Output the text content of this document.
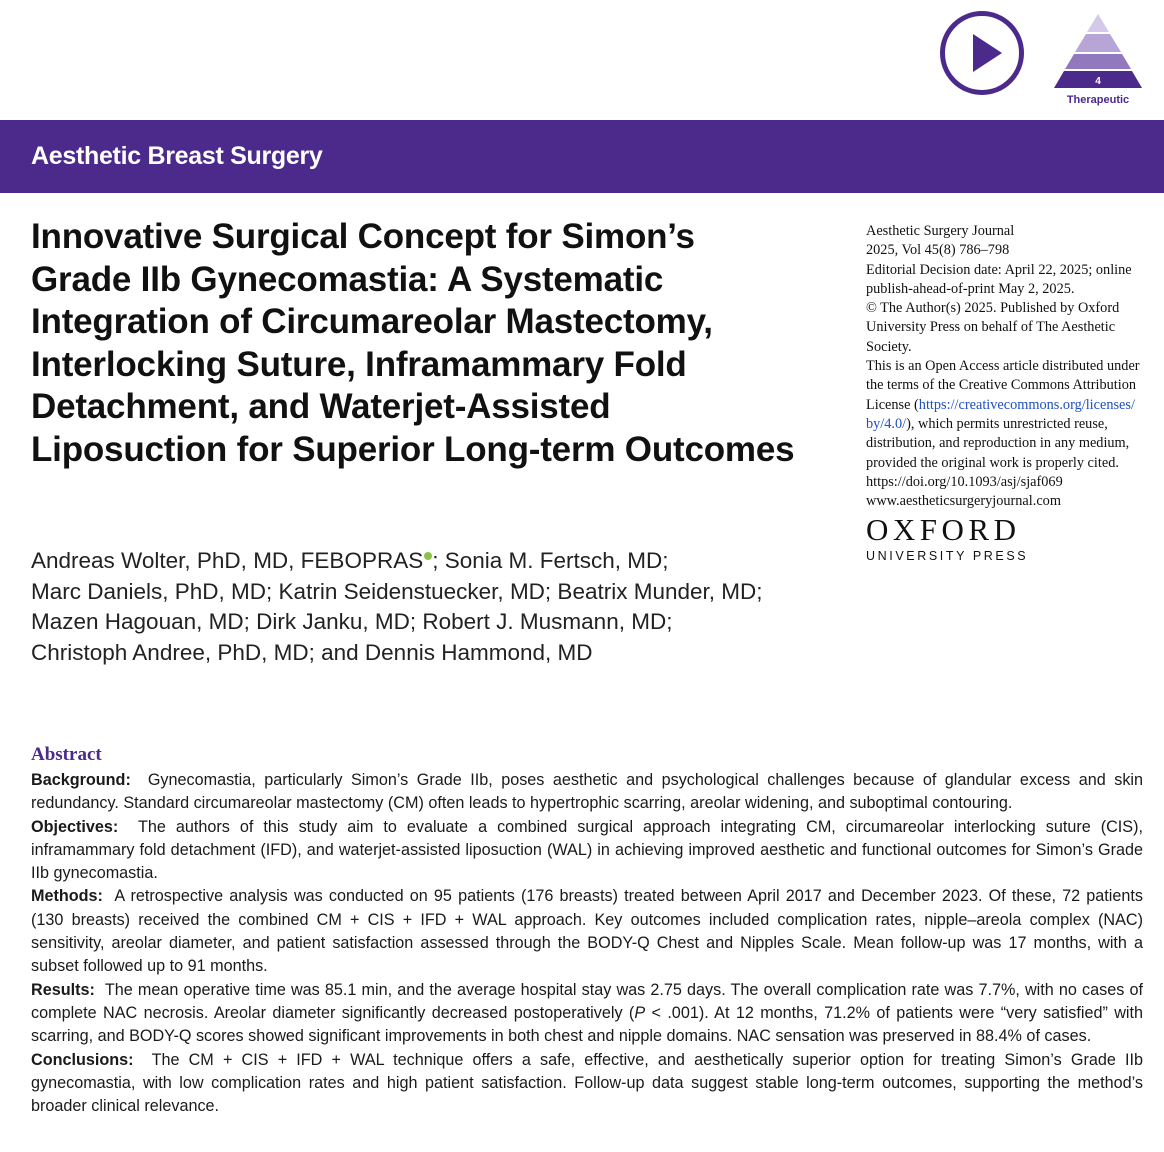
4
Therapeutic
Aesthetic Breast Surgery
Innovative Surgical Concept for Simon’s
Grade IIb Gynecomastia: A Systematic
Integration of Circumareolar Mastectomy,
Interlocking Suture, Inframammary Fold
Detachment, and Waterjet-Assisted
Liposuction for Superior Long-term Outcomes
Aesthetic Surgery Journal
2025, Vol 45(8) 786–798
Editorial Decision date: April 22, 2025; online
publish-ahead-of-print May 2, 2025.
© The Author(s) 2025. Published by Oxford
University Press on behalf of The Aesthetic
Society.
This is an Open Access article distributed under
the terms of the Creative Commons Attribution
License (https://creativecommons.org/licenses/
by/4.0/), which permits unrestricted reuse,
distribution, and reproduction in any medium,
provided the original work is properly cited.
https://doi.org/10.1093/asj/sjaf069
www.aestheticsurgeryjournal.com
OXFORD
UNIVERSITY PRESS
Andreas Wolter, PhD, MD, FEBOPRAS ; Sonia M. Fertsch, MD;
Marc Daniels, PhD, MD; Katrin Seidenstuecker, MD; Beatrix Munder, MD;
Mazen Hagouan, MD; Dirk Janku, MD; Robert J. Musmann, MD;
Christoph Andree, PhD, MD; and Dennis Hammond, MD
Abstract

Background: Gynecomastia, particularly Simon’s Grade IIb, poses aesthetic and psychological challenges because of glandular excess and skin redundancy. Standard circumareolar mastectomy (CM) often leads to hypertrophic scarring, areolar widening, and suboptimal contouring.

Objectives: The authors of this study aim to evaluate a combined surgical approach integrating CM, circumareolar interlocking suture (CIS), inframammary fold detachment (IFD), and waterjet-assisted liposuction (WAL) in achieving improved aesthetic and functional outcomes for Simon’s Grade IIb gynecomastia.

Methods: A retrospective analysis was conducted on 95 patients (176 breasts) treated between April 2017 and December 2023. Of these, 72 patients (130 breasts) received the combined CM + CIS + IFD + WAL approach. Key outcomes included complication rates, nipple–areola complex (NAC) sensitivity, areolar diameter, and patient satisfaction assessed through the BODY-Q Chest and Nipples Scale. Mean follow-up was 17 months, with a subset followed up to 91 months.

Results: The mean operative time was 85.1 min, and the average hospital stay was 2.75 days. The overall complication rate was 7.7%, with no cases of complete NAC necrosis. Areolar diameter significantly decreased postoperatively (P < .001). At 12 months, 71.2% of patients were “very satisfied” with scarring, and BODY-Q scores showed significant improvements in both chest and nipple domains. NAC sensation was preserved in 88.4% of cases.

Conclusions: The CM + CIS + IFD + WAL technique offers a safe, effective, and aesthetically superior option for treating Simon’s Grade IIb gynecomastia, with low complication rates and high patient satisfaction. Follow-up data suggest stable long-term outcomes, supporting the method’s broader clinical relevance.
